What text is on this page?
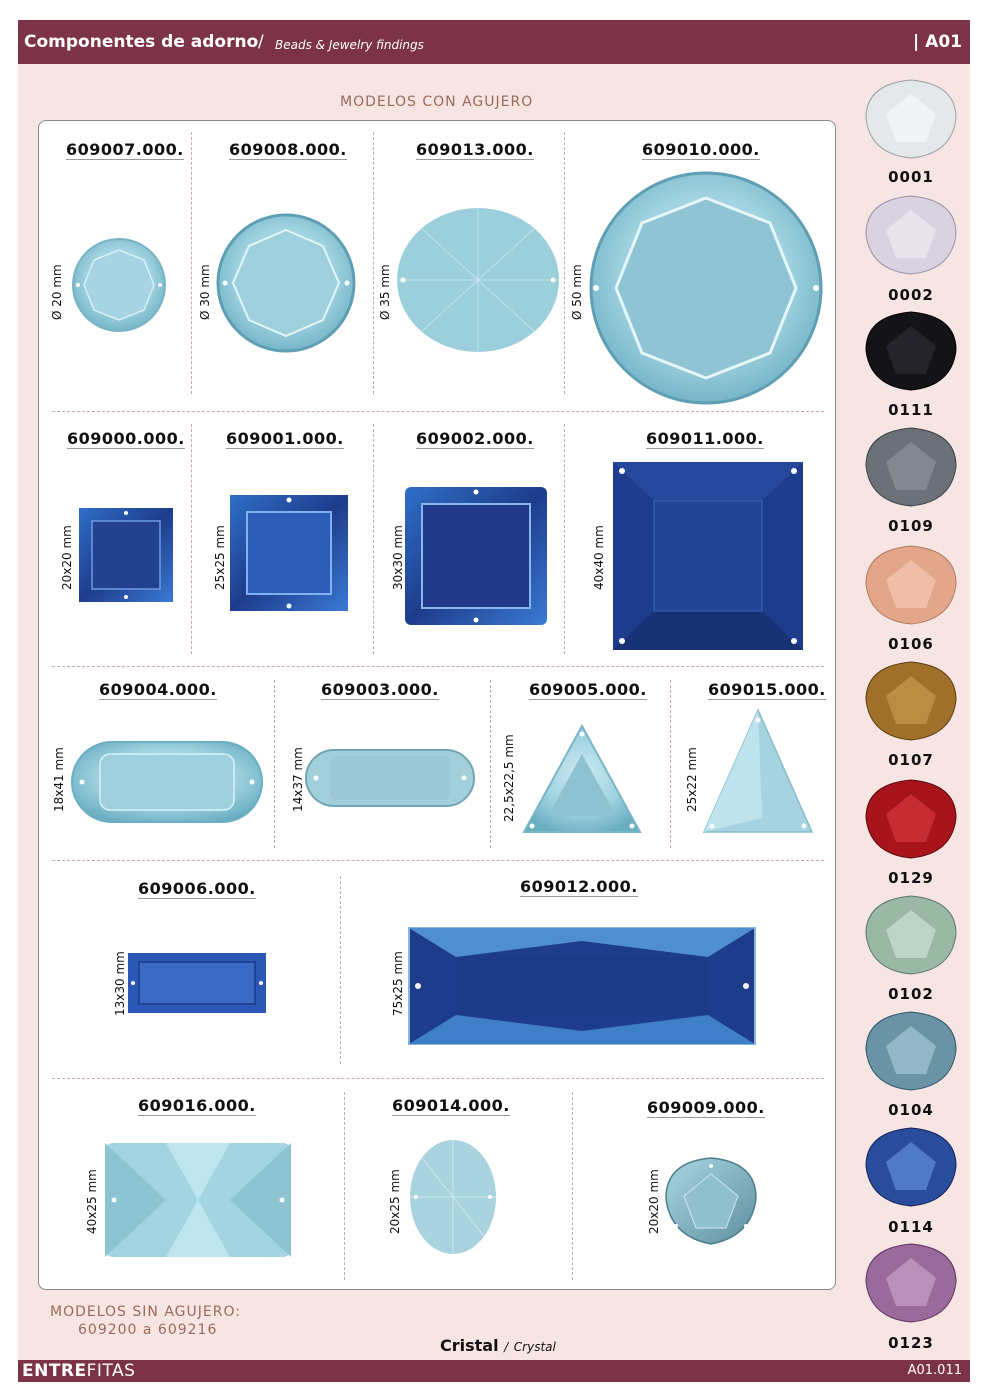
Componentes de adorno / Beads & Jewelry findings	| A01
MODELOS CON AGUJERO
609007.000.	609008.000.	609013.000.	609010.000.
609000.000.	609001.000.	609002.000.	609011.000.
609004.000.	609003.000.	609005.000.	609015.000.
609006.000.	609012.000.
609016.000.	609014.000.	609009.000.
Ø 20 mm	Ø 30 mm	Ø 35 mm	Ø 50 mm
20x20 mm	25x25 mm	30x30 mm	40x40 mm
18x41 mm	14x37 mm	22,5x22,5 mm	25x22 mm
13x30 mm	75x25 mm
40x25 mm	20x25 mm	20x20 mm
0001
0002
0111
0109
0106
0107
0129
0102
0104
0114
0123
MODELOS SIN AGUJERO:
609200 a 609216
Cristal / Crystal
ENTREFITAS	A01.011
